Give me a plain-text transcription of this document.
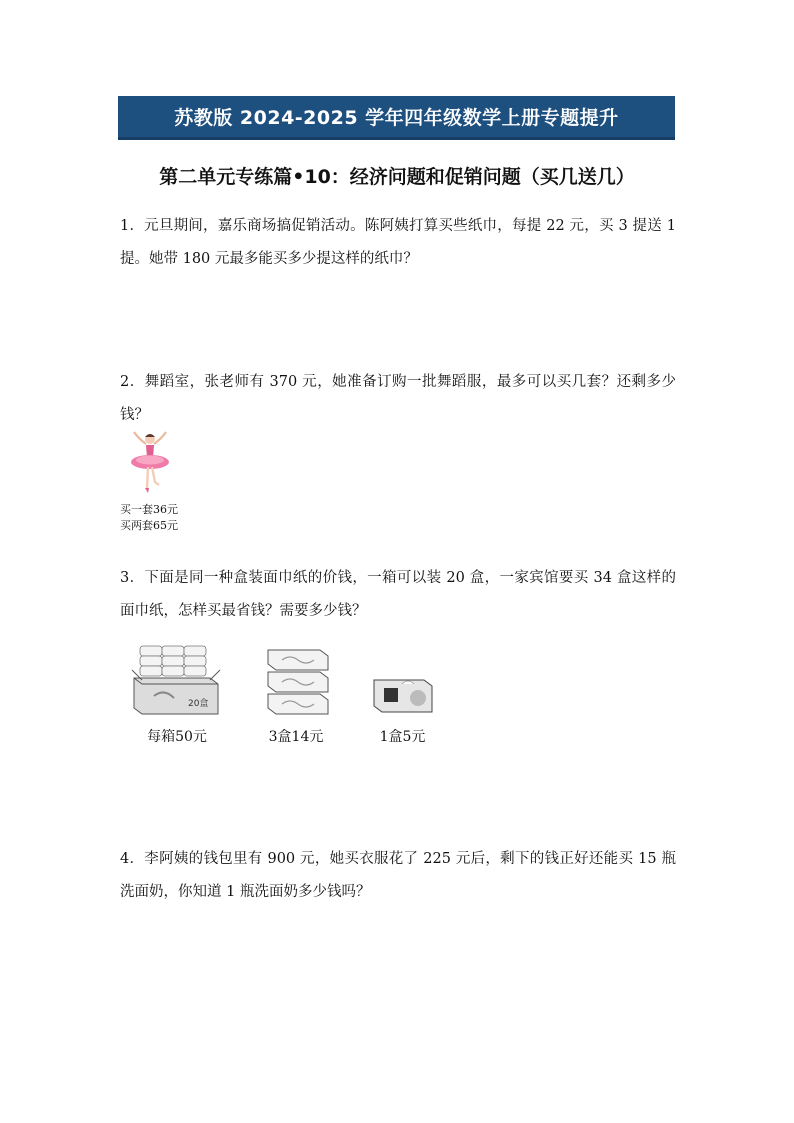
苏教版 2024-2025 学年四年级数学上册专题提升
第二单元专练篇•10：经济问题和促销问题（买几送几）
1．元旦期间，嘉乐商场搞促销活动。陈阿姨打算买些纸巾，每提 22 元，买 3 提送 1 提。她带 180 元最多能买多少提这样的纸巾？
2．舞蹈室，张老师有 370 元，她准备订购一批舞蹈服，最多可以买几套？还剩多少钱？
买一套36元
买两套65元
3．下面是同一种盒装面巾纸的价钱，一箱可以装 20 盒，一家宾馆要买 34 盒这样的面巾纸，怎样买最省钱？需要多少钱？
20盒
每箱50元	3盒14元	1盒5元
4．李阿姨的钱包里有 900 元，她买衣服花了 225 元后，剩下的钱正好还能买 15 瓶洗面奶，你知道 1 瓶洗面奶多少钱吗？
